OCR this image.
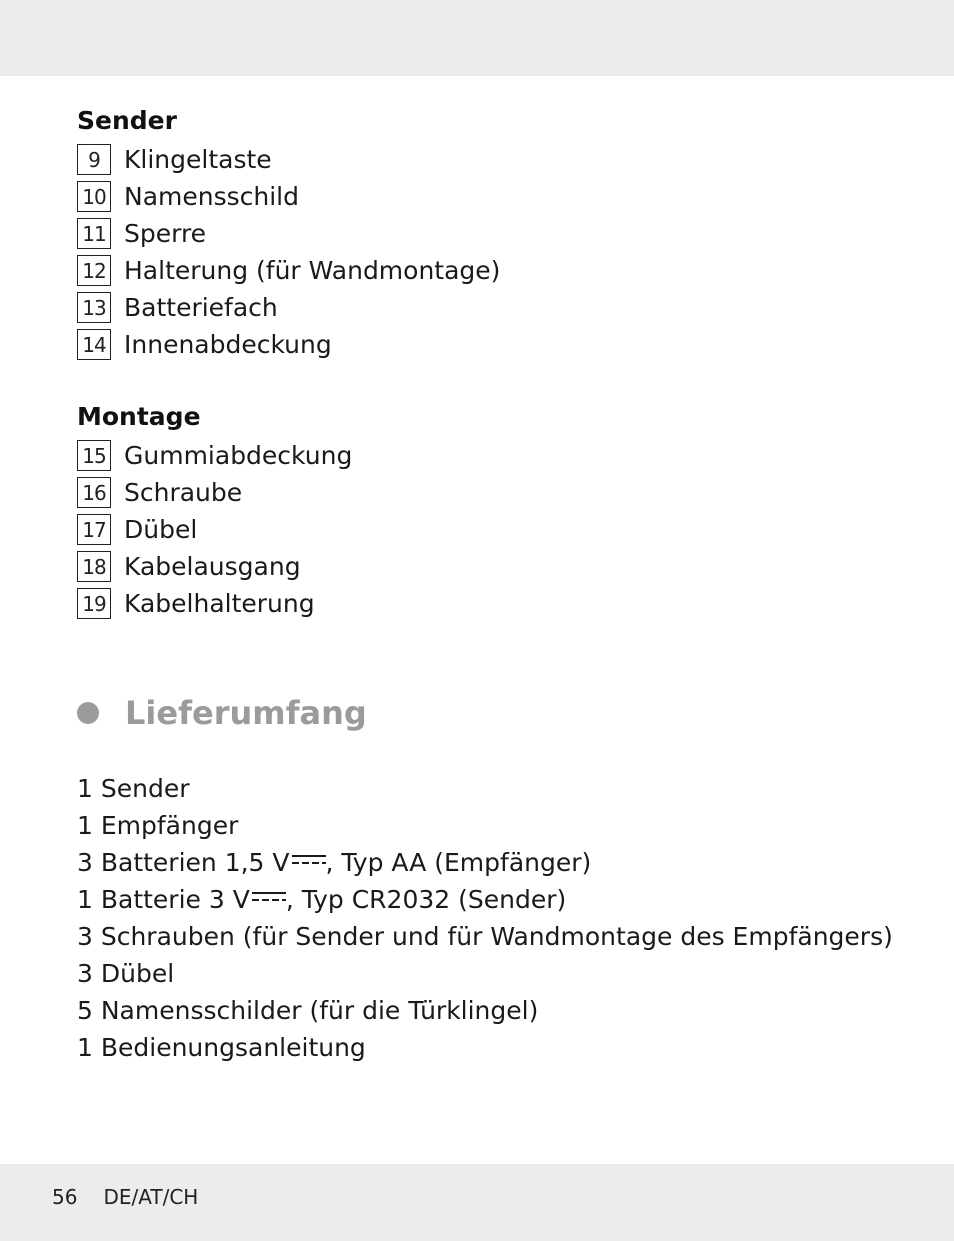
Sender
9 Klingeltaste
10 Namensschild
11 Sperre
12 Halterung (für Wandmontage)
13 Batteriefach
14 Innenabdeckung
Montage
15 Gummiabdeckung
16 Schraube
17 Dübel
18 Kabelausgang
19 Kabelhalterung
Lieferumfang
1 Sender
1 Empfänger
3 Batterien 1,5 V , Typ AA (Empfänger)
1 Batterie 3 V , Typ CR2032 (Sender)
3 Schrauben (für Sender und für Wandmontage des Empfängers)
3 Dübel
5 Namensschilder (für die Türklingel)
1 Bedienungsanleitung
56 DE/AT/CH
